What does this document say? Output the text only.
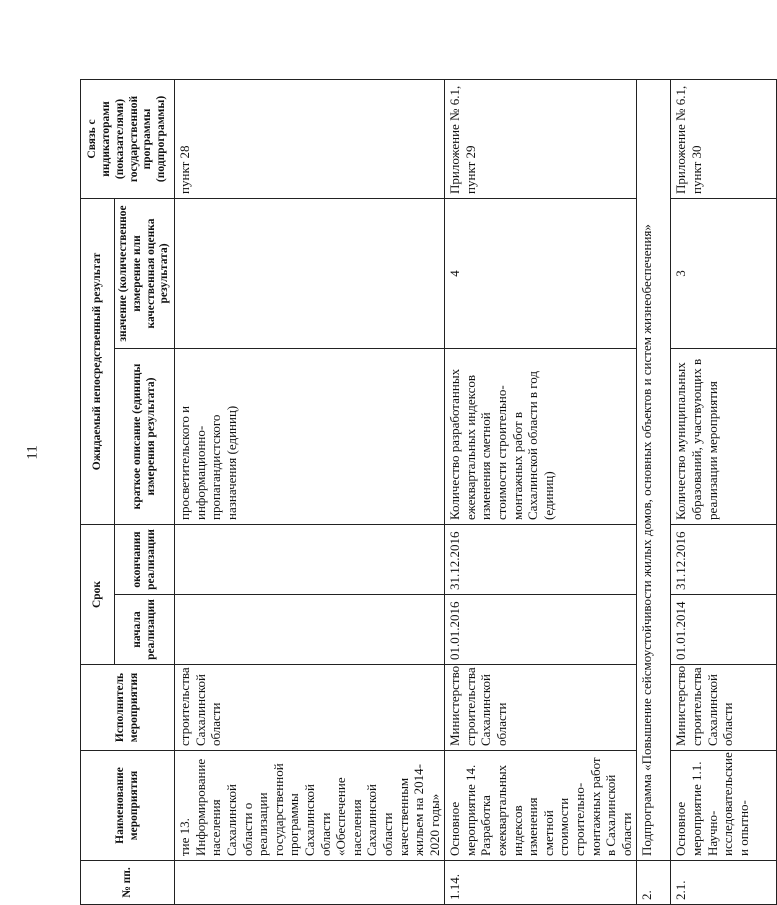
11
№ пп.	Наименование мероприятия	Исполнитель мероприятия	Срок		Ожидаемый непосредственный результат		Связь с индикаторами (показателями) государственной программы (подпрограммы)
			начала реализации	окончания реализации	краткое описание (единицы измерения результата)	значение (количественное измерение или качественная оценка результата)	
	тие 13. Информирование населения Сахалинской области о реализации государственной программы Сахалинской области «Обеспечение населения Сахалинской области качественным жильем на 2014-2020 годы»	строительства Сахалинской области			просветительского и информационно-пропагандистского назначения (единиц)		пункт 28
1.14.	Основное мероприятие 14. Разработка ежеквартальных индексов изменения сметной стоимости строительно-монтажных работ в Сахалинской области	Министерство строительства Сахалинской области	01.01.2016	31.12.2016	Количество разработанных ежеквартальных индексов изменения сметной стоимости строительно-монтажных работ в Сахалинской области в год (единиц)	4	Приложение № 6.1, пункт 29
2.	Подпрограмма «Повышение сейсмоустойчивости жилых домов, основных объектов и систем жизнеобеспечения»						
2.1.	Основное мероприятие 1.1. Научно-исследовательские и опытно-	Министерство строительства Сахалинской области	01.01.2014	31.12.2016	Количество муниципальных образований, участвующих в реализации мероприятия	3	Приложение № 6.1, пункт 30
